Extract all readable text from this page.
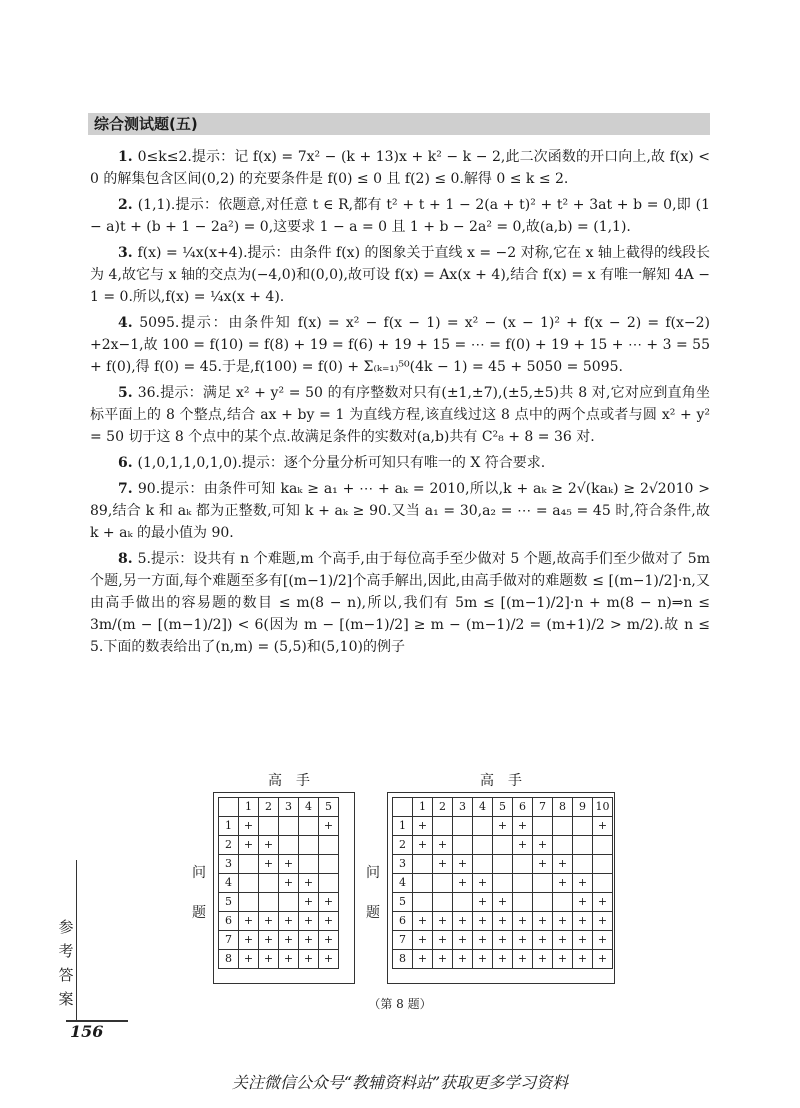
综合测试题(五)

1. 0≤k≤2.提示：记 f(x) = 7x² − (k + 13)x + k² − k − 2,此二次函数的开口向上,故 f(x) < 0 的解集包含区间(0,2) 的充要条件是 f(0) ≤ 0 且 f(2) ≤ 0.解得 0 ≤ k ≤ 2.

2. (1,1).提示：依题意,对任意 t ∈ R,都有 t² + t + 1 − 2(a + t)² + t² + 3at + b = 0,即 (1 − a)t + (b + 1 − 2a²) = 0,这要求 1 − a = 0 且 1 + b − 2a² = 0,故(a,b) = (1,1).

3. f(x) = ¼x(x+4).提示：由条件 f(x) 的图象关于直线 x = −2 对称,它在 x 轴上截得的线段长为 4,故它与 x 轴的交点为(−4,0)和(0,0),故可设 f(x) = Ax(x + 4),结合 f(x) = x 有唯一解知 4A − 1 = 0.所以,f(x) = ¼x(x + 4).

4. 5095.提示：由条件知 f(x) = x² − f(x − 1) = x² − (x − 1)² + f(x − 2) = f(x−2) +2x−1,故 100 = f(10) = f(8) + 19 = f(6) + 19 + 15 = ⋯ = f(0) + 19 + 15 + ⋯ + 3 = 55 + f(0),得 f(0) = 45.于是,f(100) = f(0) + Σ₍ₖ₌₁₎⁵⁰(4k − 1) = 45 + 5050 = 5095.

5. 36.提示：满足 x² + y² = 50 的有序整数对只有(±1,±7),(±5,±5)共 8 对,它对应到直角坐标平面上的 8 个整点,结合 ax + by = 1 为直线方程,该直线过这 8 点中的两个点或者与圆 x² + y² = 50 切于这 8 个点中的某个点.故满足条件的实数对(a,b)共有 C²₈ + 8 = 36 对.

6. (1,0,1,1,0,1,0).提示：逐个分量分析可知只有唯一的 X 符合要求.

7. 90.提示：由条件可知 kaₖ ≥ a₁ + ⋯ + aₖ = 2010,所以,k + aₖ ≥ 2√(kaₖ) ≥ 2√2010 > 89,结合 k 和 aₖ 都为正整数,可知 k + aₖ ≥ 90.又当 a₁ = 30,a₂ = ⋯ = a₄₅ = 45 时,符合条件,故 k + aₖ 的最小值为 90.

8. 5.提示：设共有 n 个难题,m 个高手,由于每位高手至少做对 5 个题,故高手们至少做对了 5m 个题,另一方面,每个难题至多有[(m−1)/2]个高手解出,因此,由高手做对的难题数 ≤ [(m−1)/2]·n,又由高手做出的容易题的数目 ≤ m(8 − n),所以,我们有 5m ≤ [(m−1)/2]·n + m(8 − n)⇒n ≤ 3m/(m − [(m−1)/2]) < 6(因为 m − [(m−1)/2] ≥ m − (m−1)/2 = (m+1)/2 > m/2).故 n ≤ 5.下面的数表给出了(n,m) = (5,5)和(5,10)的例子

高　手	高　手
	1	2	3	4	5
1	+				+
2	+	+			
3		+	+		
4			+	+	
5				+	+
6	+	+	+	+	+
7	+	+	+	+	+
8	+	+	+	+	+
问
题
	1	2	3	4	5	6	7	8	9	10
1	+				+	+				+
2	+	+				+	+			
3		+	+				+	+		
4			+	+				+	+	
5				+	+				+	+
6	+	+	+	+	+	+	+	+	+	+
7	+	+	+	+	+	+	+	+	+	+
8	+	+	+	+	+	+	+	+	+	+
问
题
（第 8 题）
参
考
答
案
156
关注微信公众号“教辅资料站”获取更多学习资料
